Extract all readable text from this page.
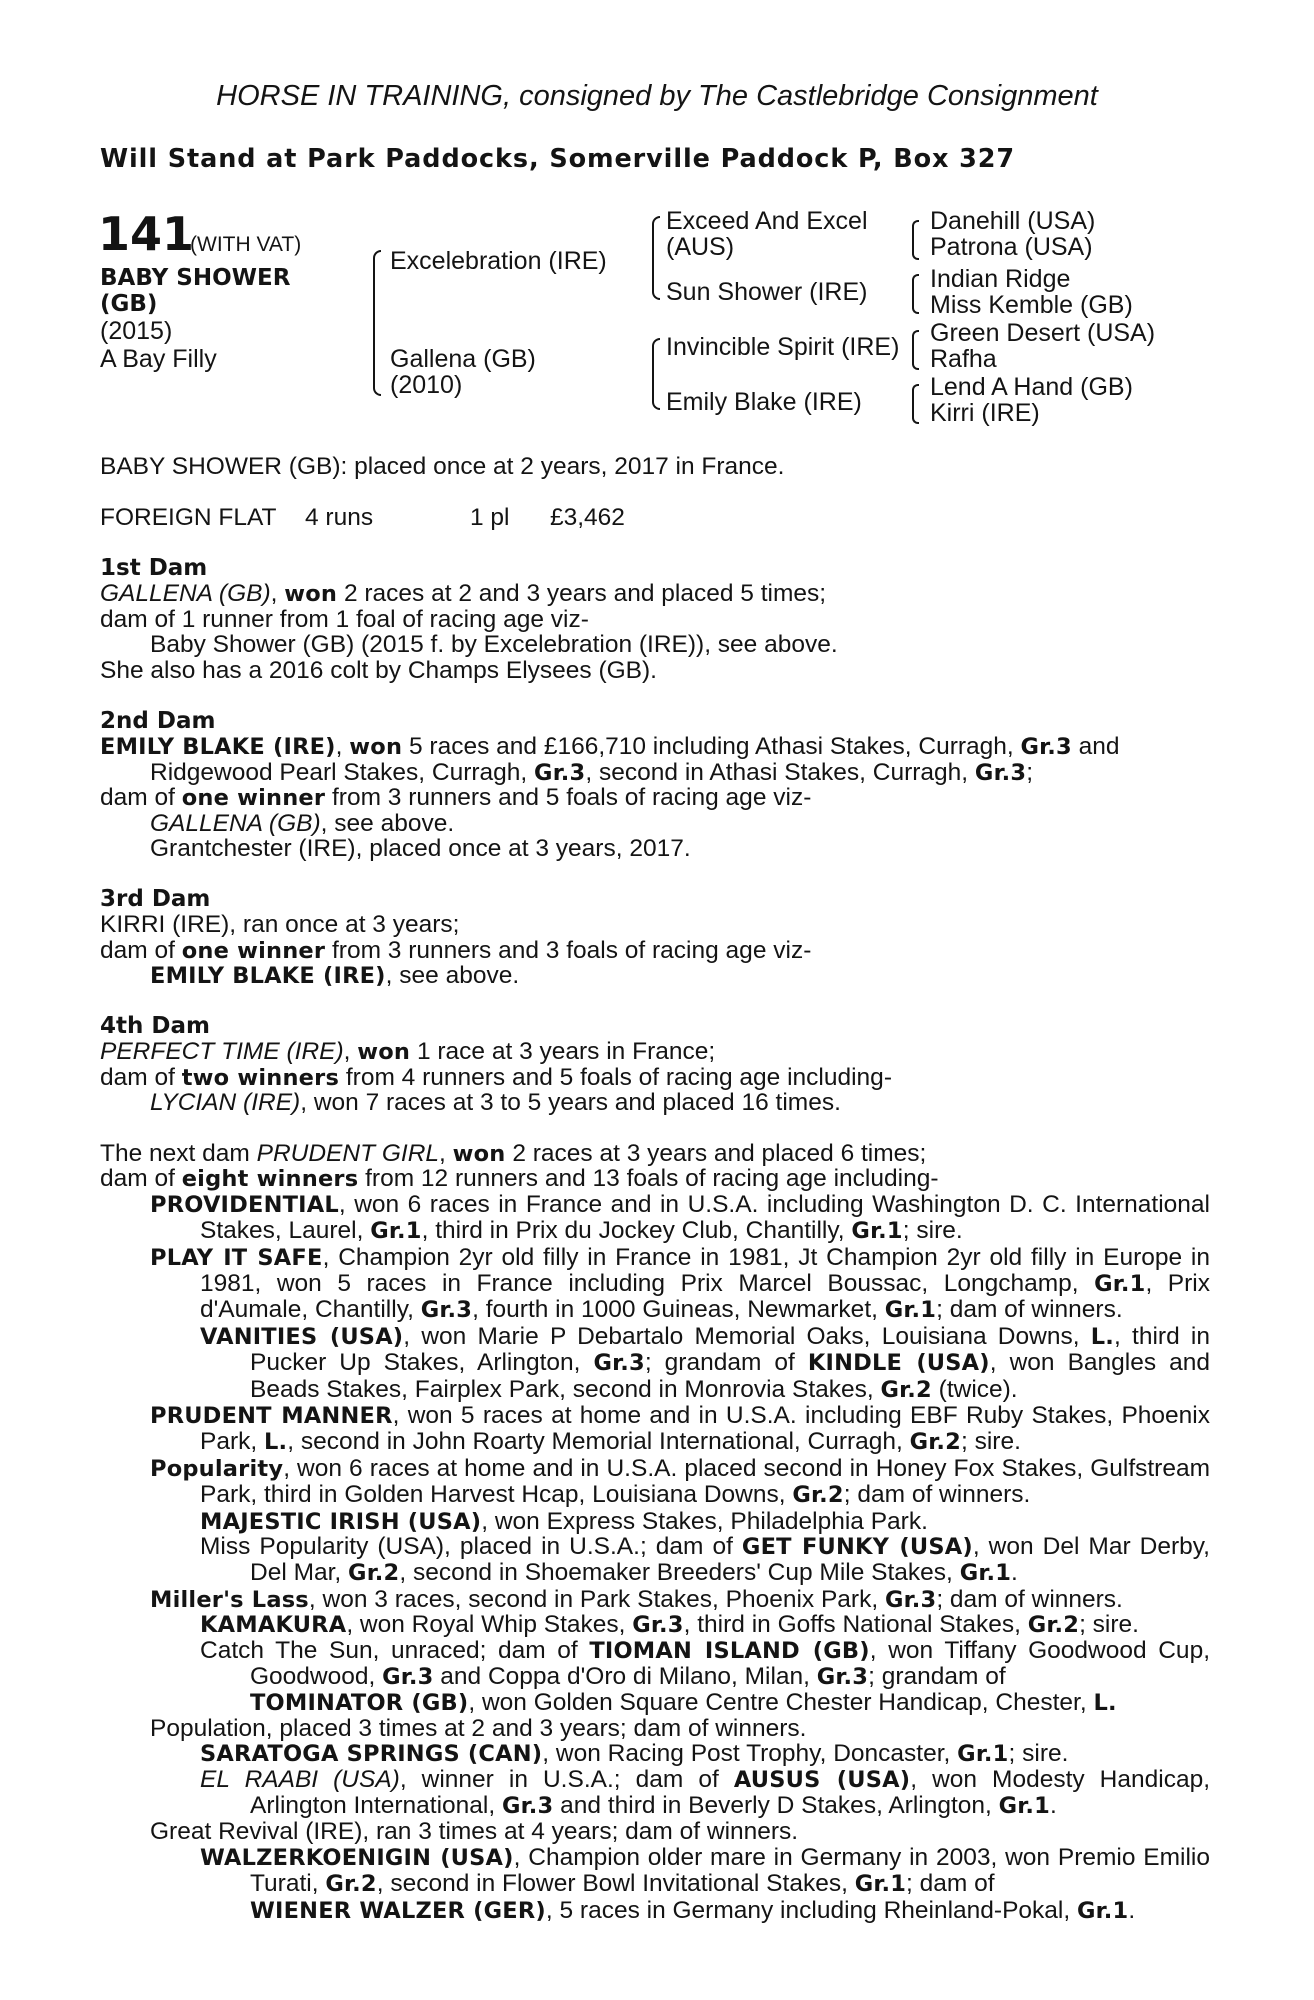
HORSE IN TRAINING, consigned by The Castlebridge Consignment
Will Stand at Park Paddocks, Somerville Paddock P, Box 327
141
(WITH VAT)
BABY SHOWER
(GB)
(2015)
A Bay Filly
Excelebration (IRE)
Gallena (GB)
(2010)
Exceed And Excel
(AUS)
Sun Shower (IRE)
Invincible Spirit (IRE)
Emily Blake (IRE)
Danehill (USA)
Patrona (USA)
Indian Ridge
Miss Kemble (GB)
Green Desert (USA)
Rafha
Lend A Hand (GB)
Kirri (IRE)
BABY SHOWER (GB): placed once at 2 years, 2017 in France.
FOREIGN FLAT 4 runs	1 pl £3,462
1st Dam
GALLENA (GB), won 2 races at 2 and 3 years and placed 5 times;
dam of 1 runner from 1 foal of racing age viz-
Baby Shower (GB) (2015 f. by Excelebration (IRE)), see above.
She also has a 2016 colt by Champs Elysees (GB).
2nd Dam
EMILY BLAKE (IRE), won 5 races and £166,710 including Athasi Stakes, Curragh, Gr.3 and
Ridgewood Pearl Stakes, Curragh, Gr.3, second in Athasi Stakes, Curragh, Gr.3;
dam of one winner from 3 runners and 5 foals of racing age viz-
GALLENA (GB), see above.
Grantchester (IRE), placed once at 3 years, 2017.
3rd Dam
KIRRI (IRE), ran once at 3 years;
dam of one winner from 3 runners and 3 foals of racing age viz-
EMILY BLAKE (IRE), see above.
4th Dam
PERFECT TIME (IRE), won 1 race at 3 years in France;
dam of two winners from 4 runners and 5 foals of racing age including-
LYCIAN (IRE), won 7 races at 3 to 5 years and placed 16 times.
The next dam PRUDENT GIRL, won 2 races at 3 years and placed 6 times;
dam of eight winners from 12 runners and 13 foals of racing age including-
PROVIDENTIAL, won 6 races in France and in U.S.A. including Washington D. C. International Stakes, Laurel, Gr.1, third in Prix du Jockey Club, Chantilly, Gr.1; sire.
PLAY IT SAFE, Champion 2yr old filly in France in 1981, Jt Champion 2yr old filly in Europe in 1981, won 5 races in France including Prix Marcel Boussac, Longchamp, Gr.1, Prix d'Aumale, Chantilly, Gr.3, fourth in 1000 Guineas, Newmarket, Gr.1; dam of winners.
VANITIES (USA), won Marie P Debartalo Memorial Oaks, Louisiana Downs, L., third in Pucker Up Stakes, Arlington, Gr.3; grandam of KINDLE (USA), won Bangles and Beads Stakes, Fairplex Park, second in Monrovia Stakes, Gr.2 (twice).
PRUDENT MANNER, won 5 races at home and in U.S.A. including EBF Ruby Stakes, Phoenix Park, L., second in John Roarty Memorial International, Curragh, Gr.2; sire.
Popularity, won 6 races at home and in U.S.A. placed second in Honey Fox Stakes, Gulfstream Park, third in Golden Harvest Hcap, Louisiana Downs, Gr.2; dam of winners.
MAJESTIC IRISH (USA), won Express Stakes, Philadelphia Park.
Miss Popularity (USA), placed in U.S.A.; dam of GET FUNKY (USA), won Del Mar Derby, Del Mar, Gr.2, second in Shoemaker Breeders' Cup Mile Stakes, Gr.1.
Miller's Lass, won 3 races, second in Park Stakes, Phoenix Park, Gr.3; dam of winners.
KAMAKURA, won Royal Whip Stakes, Gr.3, third in Goffs National Stakes, Gr.2; sire.
Catch The Sun, unraced; dam of TIOMAN ISLAND (GB), won Tiffany Goodwood Cup, Goodwood, Gr.3 and Coppa d'Oro di Milano, Milan, Gr.3; grandam of
TOMINATOR (GB), won Golden Square Centre Chester Handicap, Chester, L.
Population, placed 3 times at 2 and 3 years; dam of winners.
SARATOGA SPRINGS (CAN), won Racing Post Trophy, Doncaster, Gr.1; sire.
EL RAABI (USA), winner in U.S.A.; dam of AUSUS (USA), won Modesty Handicap, Arlington International, Gr.3 and third in Beverly D Stakes, Arlington, Gr.1.
Great Revival (IRE), ran 3 times at 4 years; dam of winners.
WALZERKOENIGIN (USA), Champion older mare in Germany in 2003, won Premio Emilio Turati, Gr.2, second in Flower Bowl Invitational Stakes, Gr.1; dam of
WIENER WALZER (GER), 5 races in Germany including Rheinland-Pokal, Gr.1.
